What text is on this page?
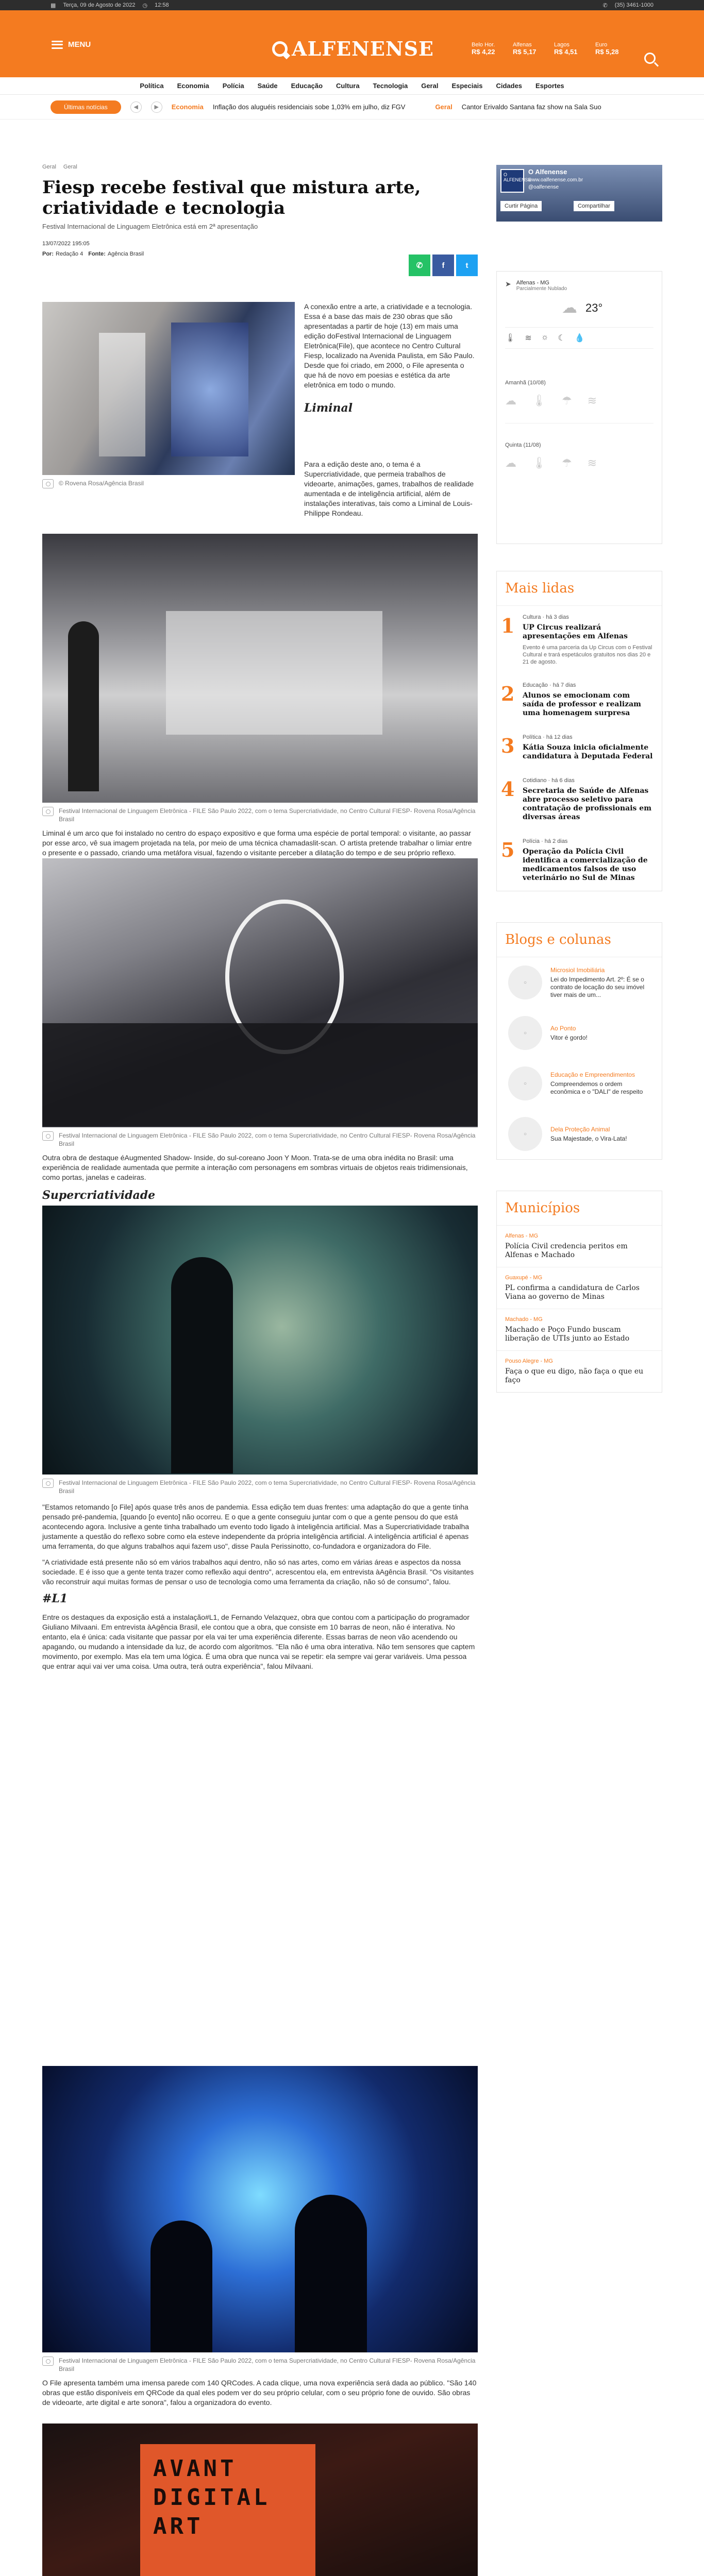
▦ Terça, 09 de Agosto de 2022 ◷ 12:58	✆ (35) 3461-1000
MENU	ALFENENSE	Belo Hor.
R$ 4,22
Alfenas
R$ 5,17
Lagos
R$ 4,51
Euro
R$ 5,28
Política Economia Polícia Saúde Educação Cultura Tecnologia Geral Especiais Cidades Esportes
Últimas notícias	◀	▶	Economia Inflação dos aluguéis residenciais sobe 1,03% em julho, diz FGV	Geral Cantor Erivaldo Santana faz show na Sala Suo
Geral Geral
Fiesp recebe festival que mistura arte, criatividade e tecnologia
Festival Internacional de Linguagem Eletrônica está em 2ª apresentação
13/07/2022 195:05
Por: Redação 4 Fonte: Agência Brasil
✆	f	t
© Rovena Rosa/Agência Brasil

A conexão entre a arte, a criatividade e a tecnologia. Essa é a base das mais de 230 obras que são apresentadas a partir de hoje (13) em mais uma edição doFestival Internacional de Linguagem Eletrônica(File), que acontece no Centro Cultural Fiesp, localizado na Avenida Paulista, em São Paulo. Desde que foi criado, em 2000, o File apresenta o que há de novo em poesias e estética da arte eletrônica em todo o mundo.

Liminal

Para a edição deste ano, o tema é a Supercriatividade, que permeia trabalhos de videoarte, animações, games, trabalhos de realidade aumentada e de inteligência artificial, além de instalações interativas, tais como a Liminal de Louis-Philippe Rondeau.

Festival Internacional de Linguagem Eletrônica - FILE São Paulo 2022, com o tema Supercriatividade, no Centro Cultural FIESP- Rovena Rosa/Agência Brasil

Liminal é um arco que foi instalado no centro do espaço expositivo e que forma uma espécie de portal temporal: o visitante, ao passar por esse arco, vê sua imagem projetada na tela, por meio de uma técnica chamadaslit-scan. O artista pretende trabalhar o limiar entre o presente e o passado, criando uma metáfora visual, fazendo o visitante perceber a dilatação do tempo e de seu próprio reflexo.

Festival Internacional de Linguagem Eletrônica - FILE São Paulo 2022, com o tema Supercriatividade, no Centro Cultural FIESP- Rovena Rosa/Agência Brasil

Outra obra de destaque éAugmented Shadow- Inside, do sul-coreano Joon Y Moon. Trata-se de uma obra inédita no Brasil: uma experiência de realidade aumentada que permite a interação com personagens em sombras virtuais de objetos reais tridimensionais, como portas, janelas e cadeiras.

Supercriatividade
Festival Internacional de Linguagem Eletrônica - FILE São Paulo 2022, com o tema Supercriatividade, no Centro Cultural FIESP- Rovena Rosa/Agência Brasil

"Estamos retomando [o File] após quase três anos de pandemia. Essa edição tem duas frentes: uma adaptação do que a gente tinha pensado pré-pandemia, [quando [o evento] não ocorreu. E o que a gente conseguiu juntar com o que a gente pensou do que está acontecendo agora. Inclusive a gente tinha trabalhado um evento todo ligado à inteligência artificial. Mas a Supercriatividade trabalha justamente a questão do reflexo sobre como ela esteve independente da própria inteligência artificial. A inteligência artificial é apenas uma ferramenta, do que alguns trabalhos aqui fazem uso", disse Paula Perissinotto, co-fundadora e organizadora do File.

"A criatividade está presente não só em vários trabalhos aqui dentro, não só nas artes, como em várias áreas e aspectos da nossa sociedade. E é isso que a gente tenta trazer como reflexão aqui dentro", acrescentou ela, em entrevista àAgência Brasil. "Os visitantes vão reconstruir aqui muitas formas de pensar o uso de tecnologia como uma ferramenta da criação, não só de consumo", falou.

#L1

Entre os destaques da exposição está a instalação#L1, de Fernando Velazquez, obra que contou com a participação do programador Giuliano Milvaani. Em entrevista àAgência Brasil, ele contou que a obra, que consiste em 10 barras de neon, não é interativa. No entanto, ela é única: cada visitante que passar por ela vai ter uma experiência diferente. Essas barras de neon vão acendendo ou apagando, ou mudando a intensidade da luz, de acordo com algoritmos. "Ela não é uma obra interativa. Não tem sensores que captem movimento, por exemplo. Mas ela tem uma lógica. É uma obra que nunca vai se repetir: ela sempre vai gerar variáveis. Uma pessoa que entrar aqui vai ver uma coisa. Uma outra, terá outra experiência", falou Milvaani.

Festival Internacional de Linguagem Eletrônica - FILE São Paulo 2022, com o tema Supercriatividade, no Centro Cultural FIESP- Rovena Rosa/Agência Brasil

O File apresenta também uma imensa parede com 140 QRCodes. A cada clique, uma nova experiência será dada ao público. "São 140 obras que estão disponíveis em QRCode da qual eles podem ver do seu próprio celular, com o seu próprio fone de ouvido. São obras de videoarte, arte digital e arte sonora", falou a organizadora do evento.

AVANT DIGITAL ART

O ALFENENSE
O Alfenense
www.oalfenense.com.br
@oalfenense
Curtir Página	Compartilhar
➤ Alfenas - MG
Parcialmente Nublado
☁ 23°
🌡 ≋ ☼ ☾ 💧
Amanhã (10/08)
☁ 🌡 ☂ ≋
Quinta (11/08)
☁ 🌡 ☂ ≋
Mais lidas
1 Cultura · há 3 dias
UP Circus realizará apresentações em Alfenas
Evento é uma parceria da Up Circus com o Festival Cultural e trará espetáculos gratuitos nos dias 20 e 21 de agosto.
2 Educação · há 7 dias
Alunos se emocionam com saída de professor e realizam uma homenagem surpresa
3 Política · há 12 dias
Kátia Souza inicia oficialmente candidatura à Deputada Federal
4 Cotidiano · há 6 dias
Secretaria de Saúde de Alfenas abre processo seletivo para contratação de profissionais em diversas áreas
5 Polícia · há 2 dias
Operação da Polícia Civil identifica a comercialização de medicamentos falsos de uso veterinário no Sul de Minas
Blogs e colunas
○
Microsiol Imobiliária
Lei do Impedimento Art. 2º: É se o contrato de locação do seu imóvel tiver mais de um...
○
Ao Ponto
Vitor é gordo!
○
Educação e Empreendimentos
Compreendemos o ordem econômica e o "DALI" de respeito
○
Dela Proteção Animal
Sua Majestade, o Vira-Lata!
Municípios
Alfenas - MG
Polícia Civil credencia peritos em Alfenas e Machado
Guaxupé - MG
PL confirma a candidatura de Carlos Viana ao governo de Minas
Machado - MG
Machado e Poço Fundo buscam liberação de UTIs junto ao Estado
Pouso Alegre - MG
Faça o que eu digo, não faça o que eu faço
